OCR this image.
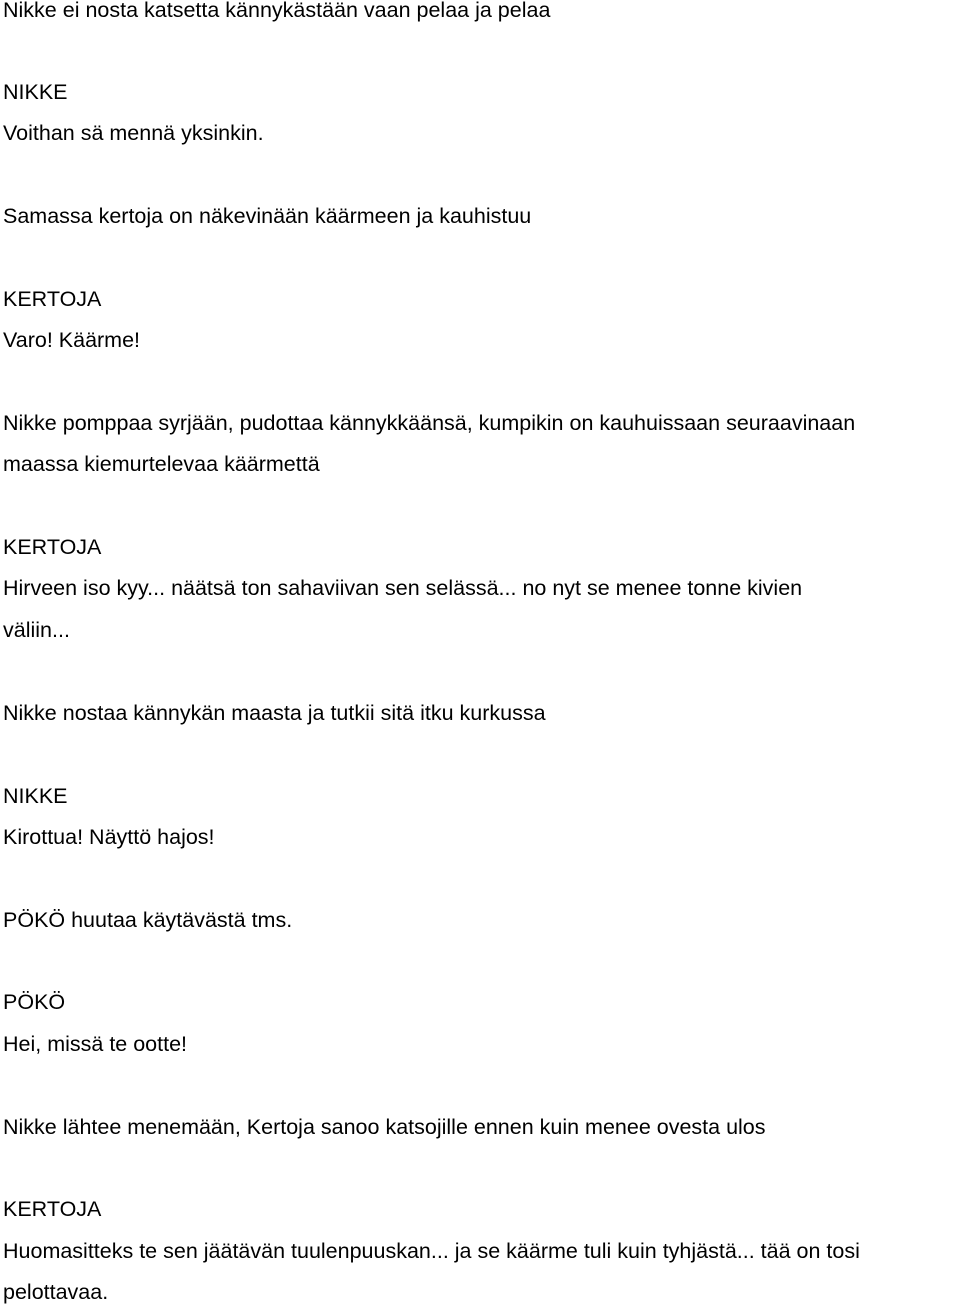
Nikke ei nosta katsetta kännykästään vaan pelaa ja pelaa

NIKKE

Voithan sä mennä yksinkin.

Samassa kertoja on näkevinään käärmeen ja kauhistuu

KERTOJA

Varo! Käärme!

Nikke pomppaa syrjään, pudottaa kännykkäänsä, kumpikin on kauhuissaan seuraavinaan

maassa kiemurtelevaa käärmettä

KERTOJA

Hirveen iso kyy... näätsä ton sahaviivan sen selässä... no nyt se menee tonne kivien

väliin...

Nikke nostaa kännykän maasta ja tutkii sitä itku kurkussa

NIKKE

Kirottua! Näyttö hajos!

PÖKÖ huutaa käytävästä tms.

PÖKÖ

Hei, missä te ootte!

Nikke lähtee menemään, Kertoja sanoo katsojille ennen kuin menee ovesta ulos

KERTOJA

Huomasitteks te sen jäätävän tuulenpuuskan... ja se käärme tuli kuin tyhjästä... tää on tosi

pelottavaa.
